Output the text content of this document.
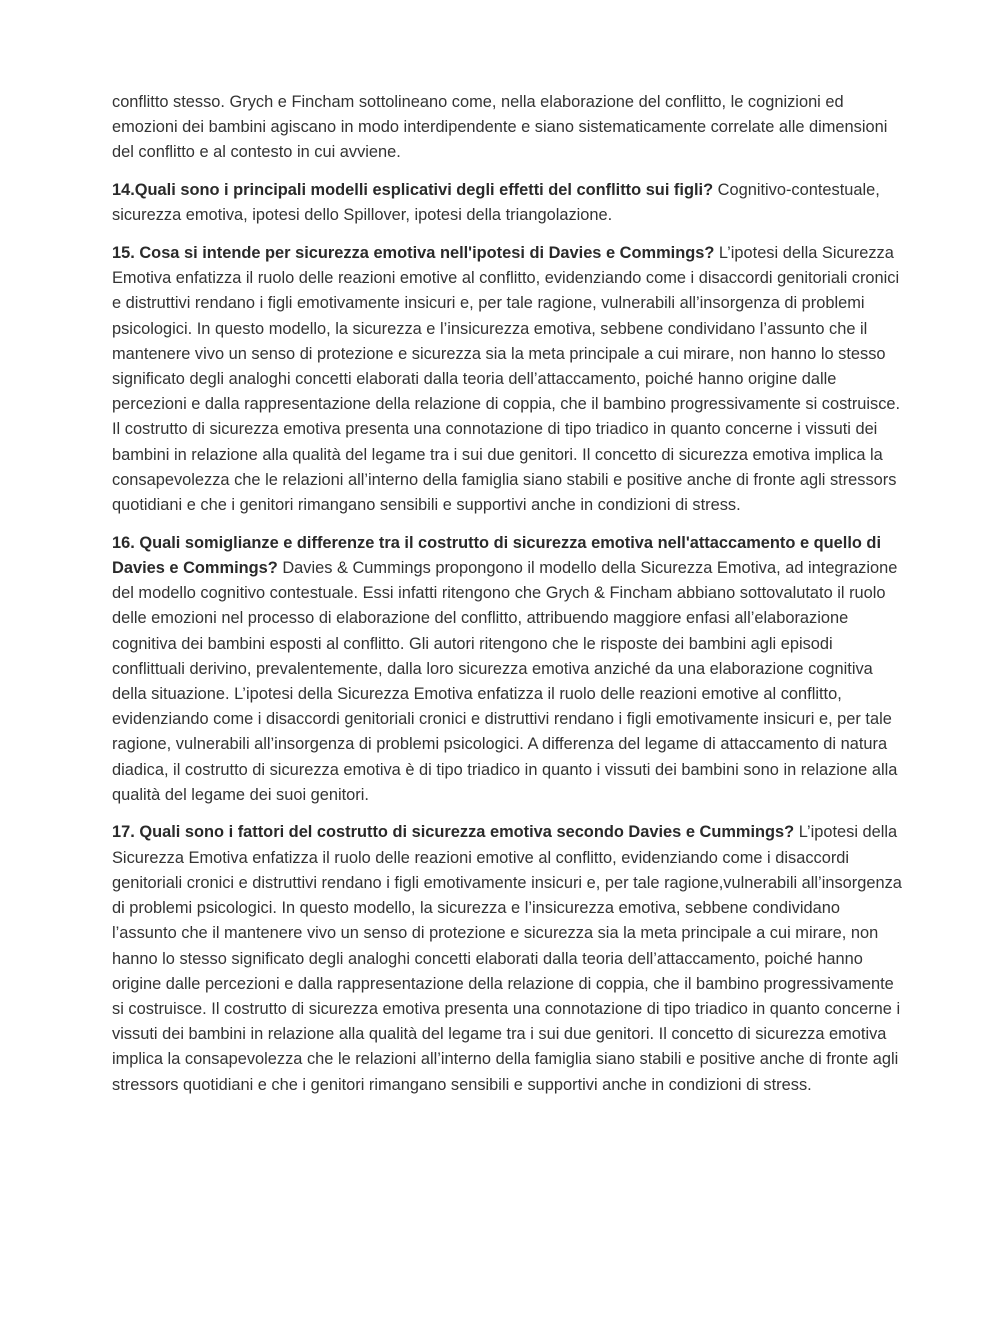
conflitto stesso. Grych e Fincham sottolineano come, nella elaborazione del conflitto, le cognizioni ed emozioni dei bambini agiscano in modo interdipendente e siano sistematicamente correlate alle dimensioni del conflitto e al contesto in cui avviene.

14.Quali sono i principali modelli esplicativi degli effetti del conflitto sui figli? Cognitivo-contestuale, sicurezza emotiva, ipotesi dello Spillover, ipotesi della triangolazione.

15. Cosa si intende per sicurezza emotiva nell'ipotesi di Davies e Commings? L’ipotesi della Sicurezza Emotiva enfatizza il ruolo delle reazioni emotive al conflitto, evidenziando come i disaccordi genitoriali cronici e distruttivi rendano i figli emotivamente insicuri e, per tale ragione, vulnerabili all’insorgenza di problemi psicologici. In questo modello, la sicurezza e l’insicurezza emotiva, sebbene condividano l’assunto che il mantenere vivo un senso di protezione e sicurezza sia la meta principale a cui mirare, non hanno lo stesso significato degli analoghi concetti elaborati dalla teoria dell’attaccamento, poiché hanno origine dalle percezioni e dalla rappresentazione della relazione di coppia, che il bambino progressivamente si costruisce. Il costrutto di sicurezza emotiva presenta una connotazione di tipo triadico in quanto concerne i vissuti dei bambini in relazione alla qualità del legame tra i sui due genitori. Il concetto di sicurezza emotiva implica la consapevolezza che le relazioni all’interno della famiglia siano stabili e positive anche di fronte agli stressors quotidiani e che i genitori rimangano sensibili e supportivi anche in condizioni di stress.

16. Quali somiglianze e differenze tra il costrutto di sicurezza emotiva nell'attaccamento e quello di Davies e Commings? Davies & Cummings propongono il modello della Sicurezza Emotiva, ad integrazione del modello cognitivo contestuale. Essi infatti ritengono che Grych & Fincham abbiano sottovalutato il ruolo delle emozioni nel processo di elaborazione del conflitto, attribuendo maggiore enfasi all’elaborazione cognitiva dei bambini esposti al conflitto. Gli autori ritengono che le risposte dei bambini agli episodi conflittuali derivino, prevalentemente, dalla loro sicurezza emotiva anziché da una elaborazione cognitiva della situazione. L’ipotesi della Sicurezza Emotiva enfatizza il ruolo delle reazioni emotive al conflitto, evidenziando come i disaccordi genitoriali cronici e distruttivi rendano i figli emotivamente insicuri e, per tale ragione, vulnerabili all’insorgenza di problemi psicologici. A differenza del legame di attaccamento di natura diadica, il costrutto di sicurezza emotiva è di tipo triadico in quanto i vissuti dei bambini sono in relazione alla qualità del legame dei suoi genitori.

17. Quali sono i fattori del costrutto di sicurezza emotiva secondo Davies e Cummings? L’ipotesi della Sicurezza Emotiva enfatizza il ruolo delle reazioni emotive al conflitto, evidenziando come i disaccordi genitoriali cronici e distruttivi rendano i figli emotivamente insicuri e, per tale ragione,vulnerabili all’insorgenza di problemi psicologici. In questo modello, la sicurezza e l’insicurezza emotiva, sebbene condividano l’assunto che il mantenere vivo un senso di protezione e sicurezza sia la meta principale a cui mirare, non hanno lo stesso significato degli analoghi concetti elaborati dalla teoria dell’attaccamento, poiché hanno origine dalle percezioni e dalla rappresentazione della relazione di coppia, che il bambino progressivamente si costruisce. Il costrutto di sicurezza emotiva presenta una connotazione di tipo triadico in quanto concerne i vissuti dei bambini in relazione alla qualità del legame tra i sui due genitori. Il concetto di sicurezza emotiva implica la consapevolezza che le relazioni all’interno della famiglia siano stabili e positive anche di fronte agli stressors quotidiani e che i genitori rimangano sensibili e supportivi anche in condizioni di stress.
